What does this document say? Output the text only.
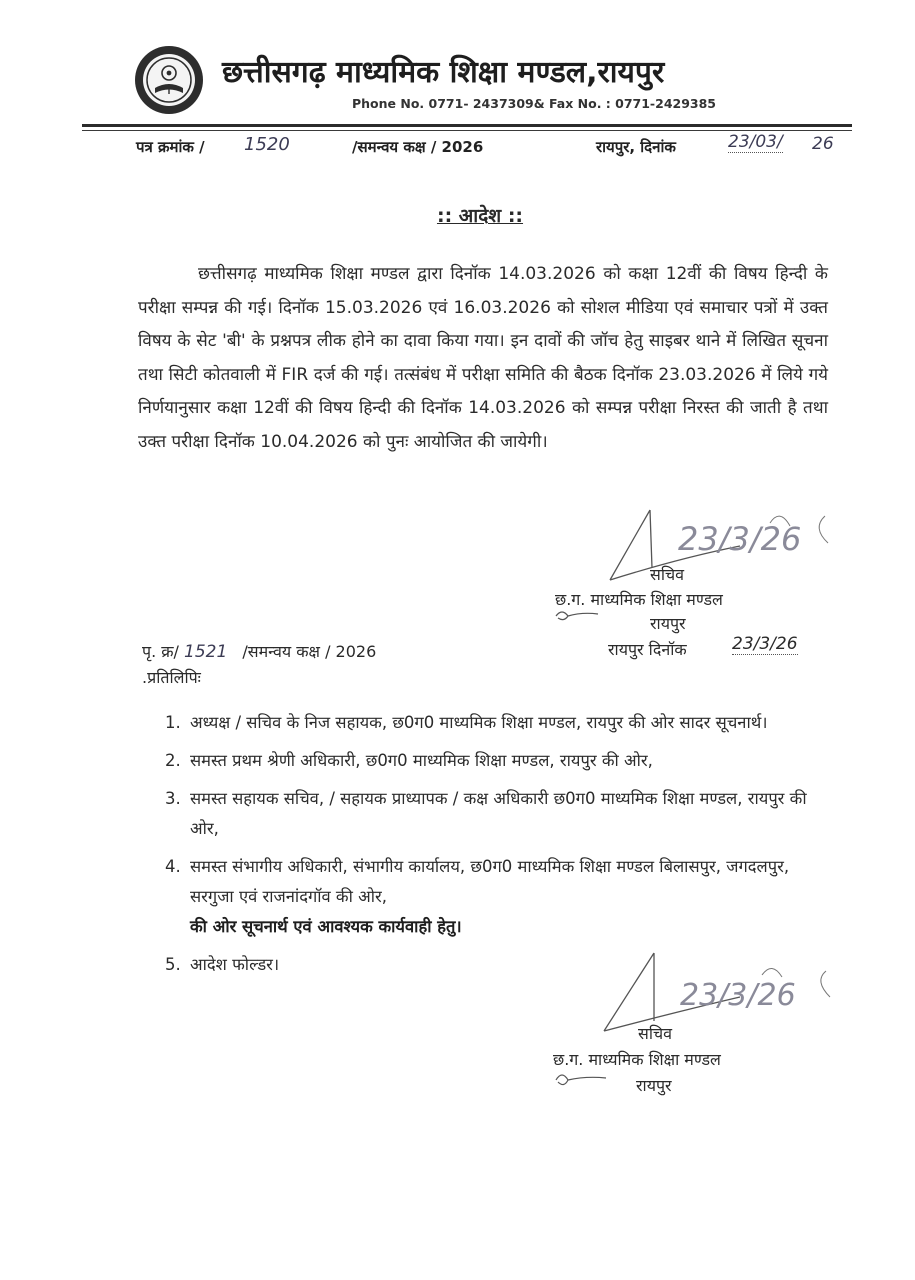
छत्तीसगढ़ माध्यमिक शिक्षा मण्डल,रायपुर
Phone No. 0771- 2437309& Fax No. : 0771-2429385
पत्र क्रमांक / 1520	/समन्वय कक्ष / 2026	रायपुर, दिनांक	23/03/ 26
:: आदेश ::
छत्तीसगढ़ माध्यमिक शिक्षा मण्डल द्वारा दिनॉक 14.03.2026 को कक्षा 12वीं की विषय हिन्दी के परीक्षा सम्पन्न की गई। दिनॉक 15.03.2026 एवं 16.03.2026 को सोशल मीडिया एवं समाचार पत्रों में उक्त विषय के सेट 'बी' के प्रश्नपत्र लीक होने का दावा किया गया। इन दावों की जॉच हेतु साइबर थाने में लिखित सूचना तथा सिटी कोतवाली में FIR दर्ज की गई। तत्संबंध में परीक्षा समिति की बैठक दिनॉक 23.03.2026 में लिये गये निर्णयानुसार कक्षा 12वीं की विषय हिन्दी की दिनॉक 14.03.2026 को सम्पन्न परीक्षा निरस्त की जाती है तथा उक्त परीक्षा दिनॉक 10.04.2026 को पुनः आयोजित की जायेगी।
23/3/26
सचिव
छ.ग. माध्यमिक शिक्षा मण्डल
रायपुर
रायपुर दिनॉक	23/3/26
पृ. क्र/ 1521 /समन्वय कक्ष / 2026
.प्रतिलिपिः
1. अध्यक्ष / सचिव के निज सहायक, छ0ग0 माध्यमिक शिक्षा मण्डल, रायपुर की ओर सादर सूचनार्थ।
2. समस्त प्रथम श्रेणी अधिकारी, छ0ग0 माध्यमिक शिक्षा मण्डल, रायपुर की ओर,
3. समस्त सहायक सचिव, / सहायक प्राध्यापक / कक्ष अधिकारी छ0ग0 माध्यमिक शिक्षा मण्डल, रायपुर की ओर,
4. समस्त संभागीय अधिकारी, संभागीय कार्यालय, छ0ग0 माध्यमिक शिक्षा मण्डल बिलासपुर, जगदलपुर, सरगुजा एवं राजनांदगॉव की ओर,
की ओर सूचनार्थ एवं आवश्यक कार्यवाही हेतु।
5. आदेश फोल्डर।
23/3/26
सचिव
छ.ग. माध्यमिक शिक्षा मण्डल
रायपुर
